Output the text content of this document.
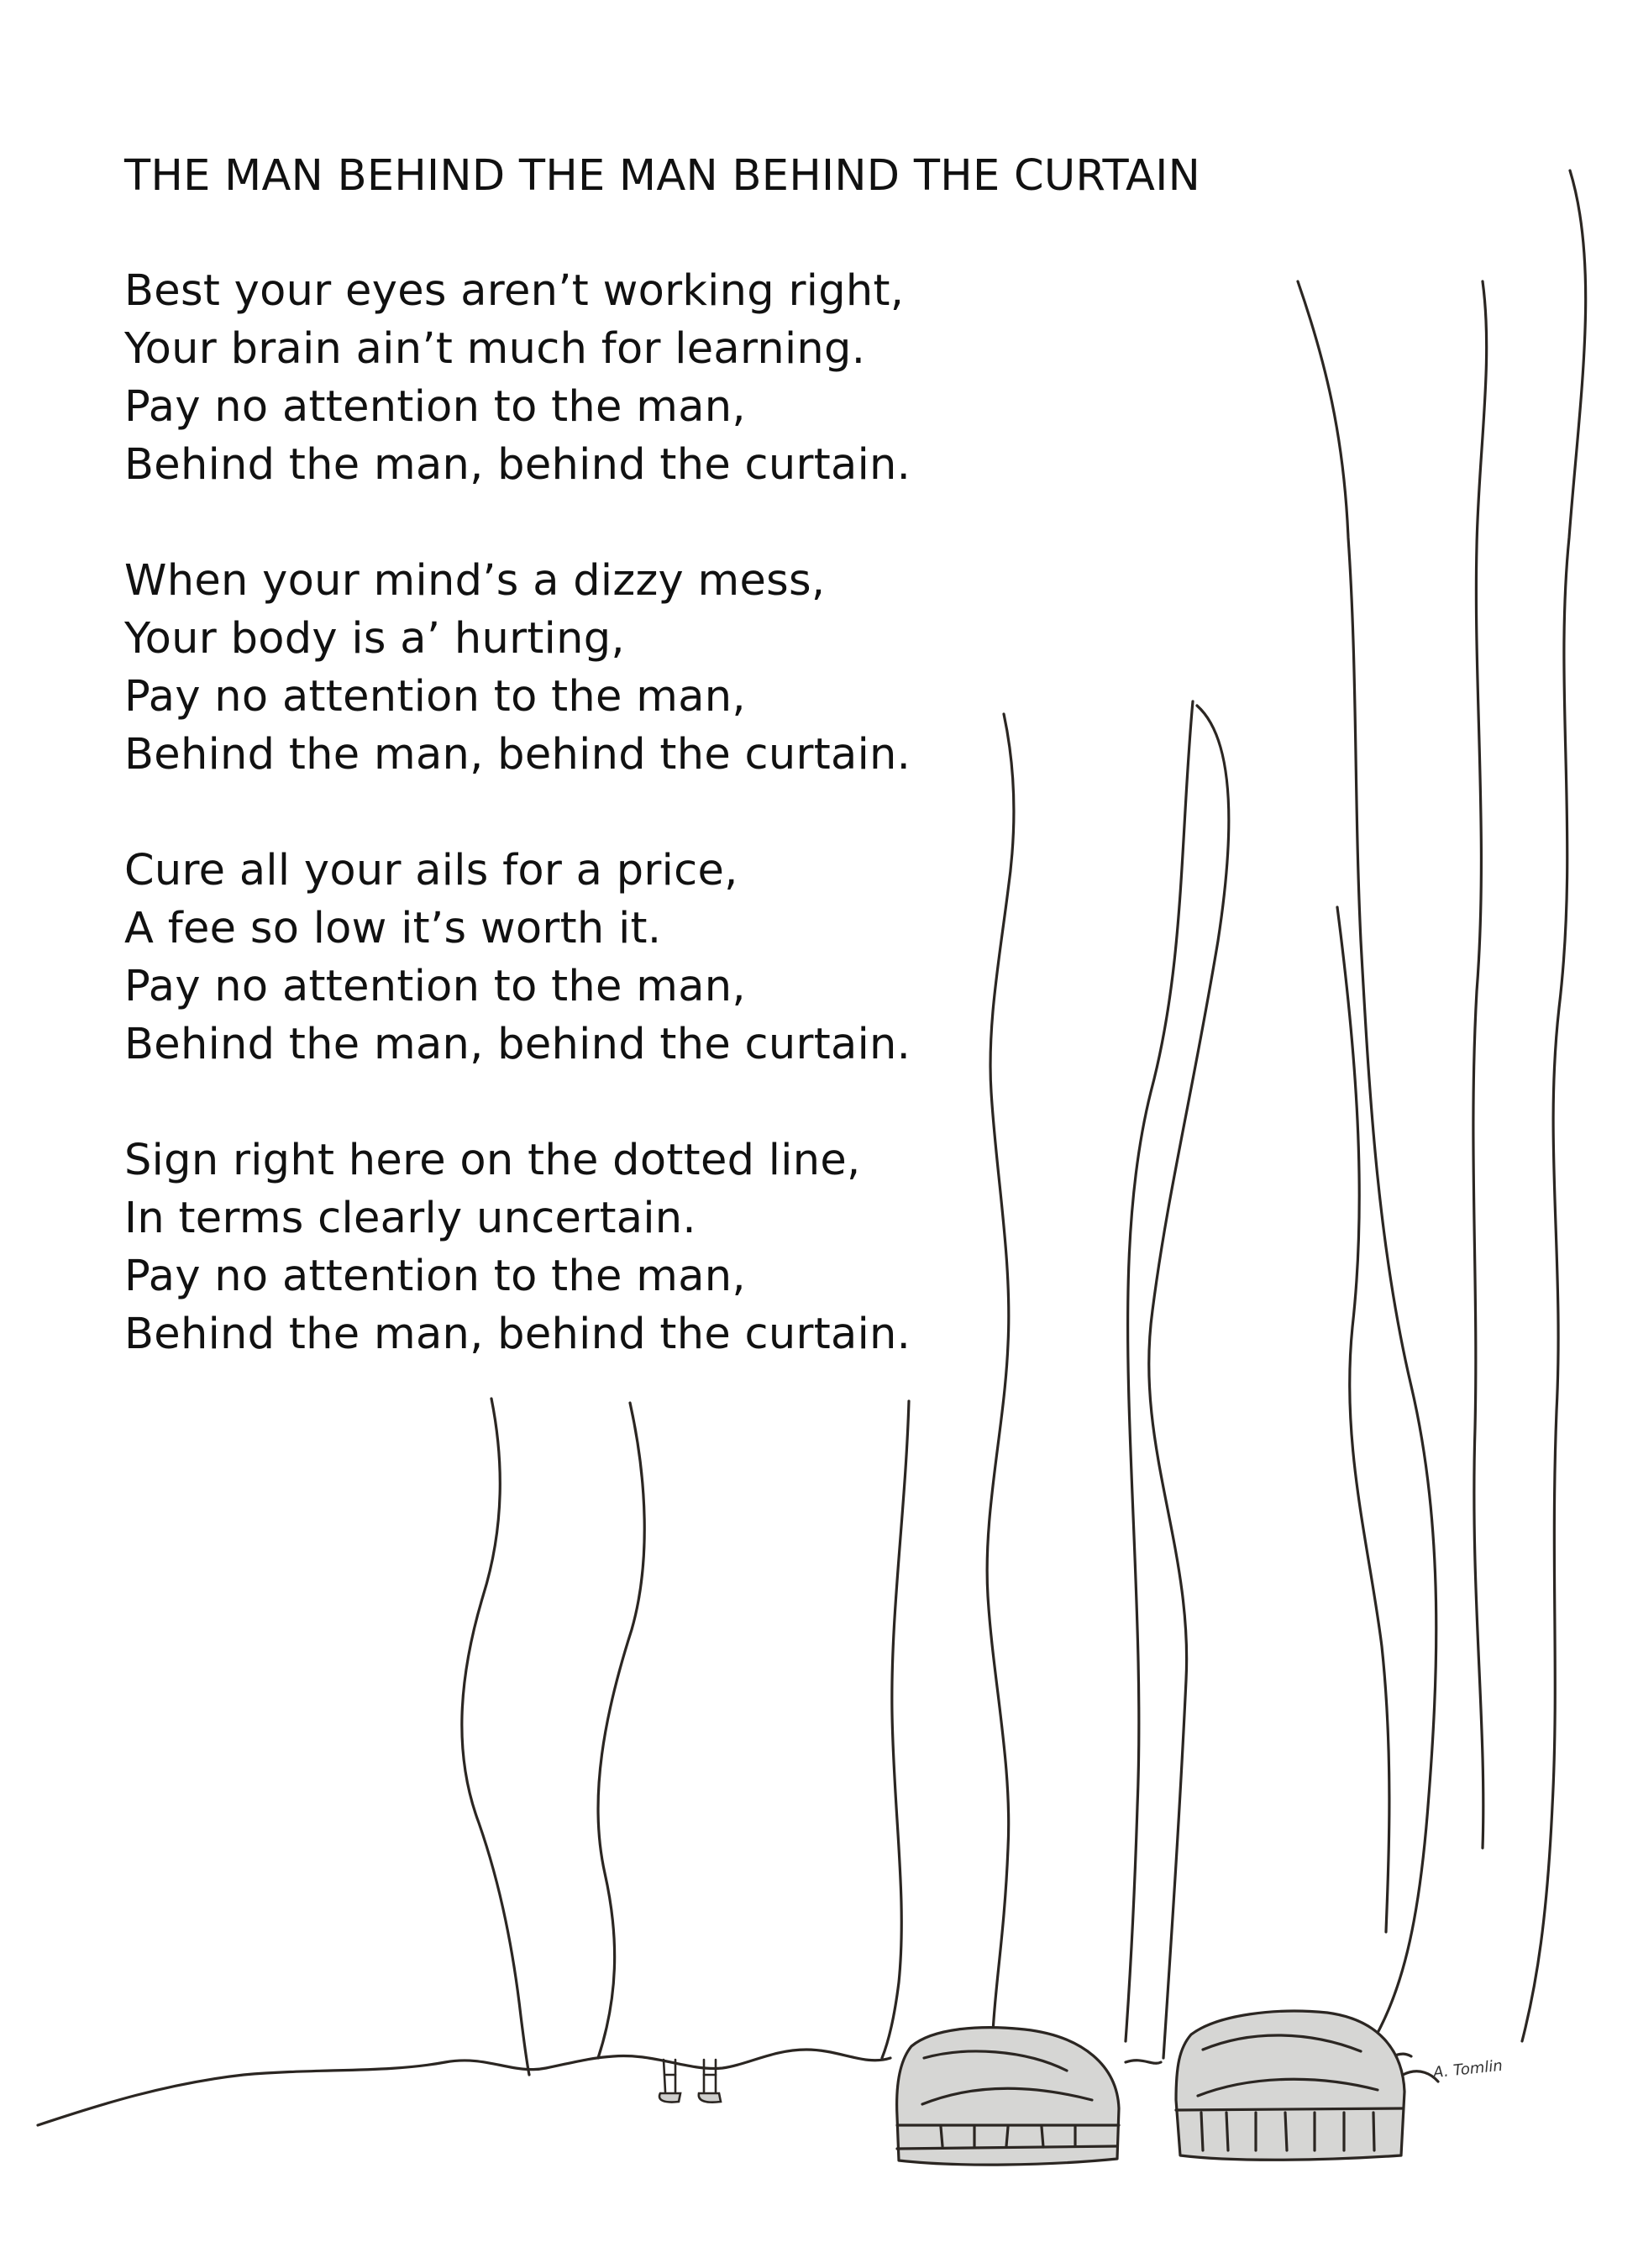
THE MAN BEHIND THE MAN BEHIND THE CURTAIN
Best your eyes aren’t working right,
Your brain ain’t much for learning.
Pay no attention to the man,
Behind the man, behind the curtain.
When your mind’s a dizzy mess,
Your body is a’ hurting,
Pay no attention to the man,
Behind the man, behind the curtain.
Cure all your ails for a price,
A fee so low it’s worth it.
Pay no attention to the man,
Behind the man, behind the curtain.
Sign right here on the dotted line,
In terms clearly uncertain.
Pay no attention to the man,
Behind the man, behind the curtain.
A. Tomlin
